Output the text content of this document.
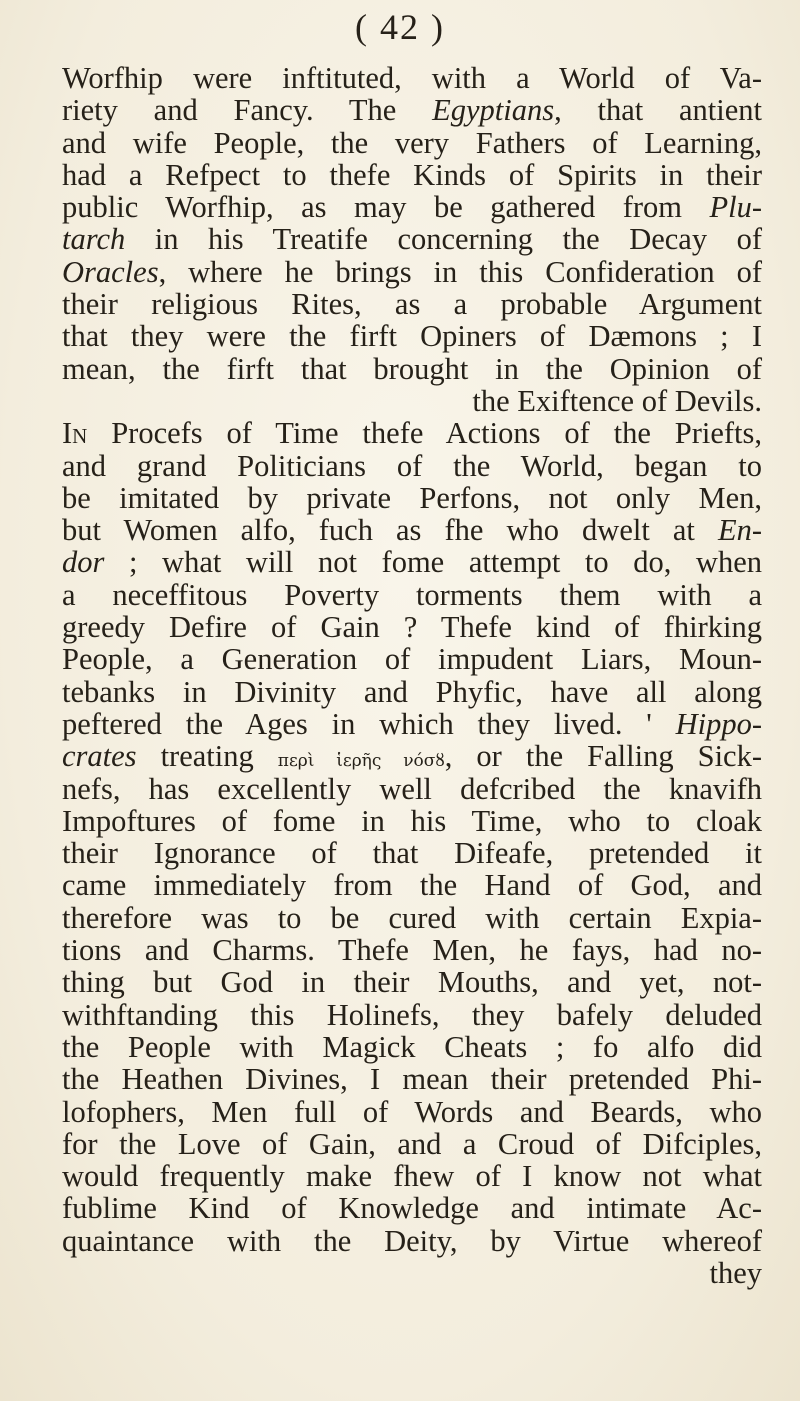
( 42 )
Worfhip were inftituted, with a World of Va-
riety and Fancy. The Egyptians, that antient
and wife People, the very Fathers of Learning,
had a Refpect to thefe Kinds of Spirits in their
public Worfhip, as may be gathered from Plu-
tarch in his Treatife concerning the Decay of
Oracles, where he brings in this Confideration of
their religious Rites, as a probable Argument
that they were the firft Opiners of Dæmons ; I
mean, the firft that brought in the Opinion of
the Exiftence of Devils.
In Procefs of Time thefe Actions of the Priefts,
and grand Politicians of the World, began to
be imitated by private Perfons, not only Men,
but Women alfo, fuch as fhe who dwelt at En-
dor ; what will not fome attempt to do, when
a neceffitous Poverty torments them with a
greedy Defire of Gain ? Thefe kind of fhirking
People, a Generation of impudent Liars, Moun-
tebanks in Divinity and Phyfic, have all along
peftered the Ages in which they lived. ' Hippo-
crates treating περὶ ἱερῆς νόσȣ, or the Falling Sick-
nefs, has excellently well defcribed the knavifh
Impoftures of fome in his Time, who to cloak
their Ignorance of that Difeafe, pretended it
came immediately from the Hand of God, and
therefore was to be cured with certain Expia-
tions and Charms. Thefe Men, he fays, had no-
thing but God in their Mouths, and yet, not-
withftanding this Holinefs, they bafely deluded
the People with Magick Cheats ; fo alfo did
the Heathen Divines, I mean their pretended Phi-
lofophers, Men full of Words and Beards, who
for the Love of Gain, and a Croud of Difciples,
would frequently make fhew of I know not what
fublime Kind of Knowledge and intimate Ac-
quaintance with the Deity, by Virtue whereof
they
